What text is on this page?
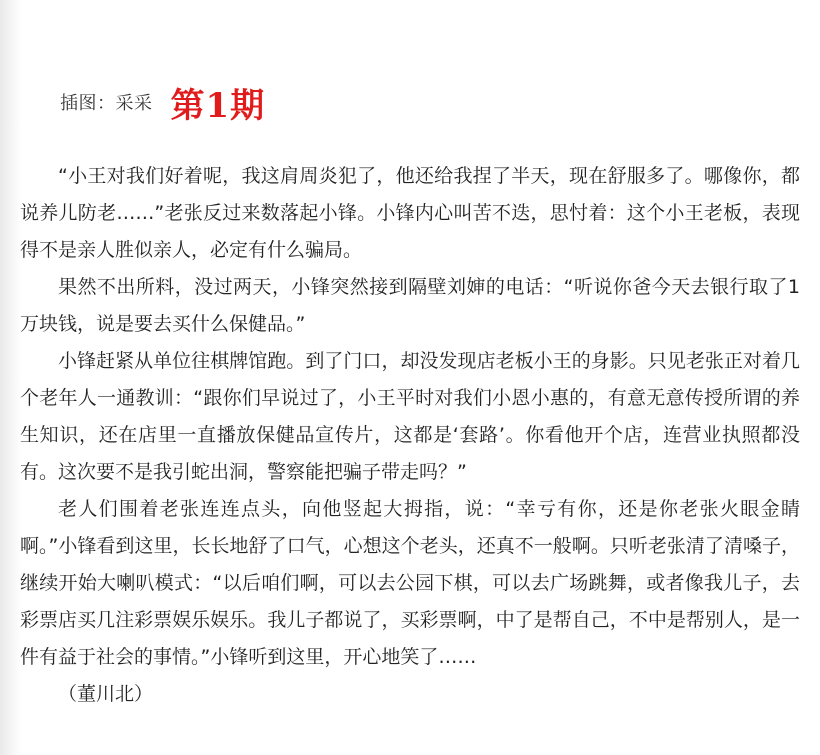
插图：采采 第1期

“小王对我们好着呢，我这肩周炎犯了，他还给我捏了半天，现在舒服多了。哪像你，都说养儿防老……”老张反过来数落起小锋。小锋内心叫苦不迭，思忖着：这个小王老板，表现得不是亲人胜似亲人，必定有什么骗局。

果然不出所料，没过两天，小锋突然接到隔壁刘婶的电话：“听说你爸今天去银行取了1万块钱，说是要去买什么保健品。”

小锋赶紧从单位往棋牌馆跑。到了门口，却没发现店老板小王的身影。只见老张正对着几个老年人一通教训：“跟你们早说过了，小王平时对我们小恩小惠的，有意无意传授所谓的养生知识，还在店里一直播放保健品宣传片，这都是‘套路’。你看他开个店，连营业执照都没有。这次要不是我引蛇出洞，警察能把骗子带走吗？”

老人们围着老张连连点头，向他竖起大拇指，说：“幸亏有你，还是你老张火眼金睛啊。”小锋看到这里，长长地舒了口气，心想这个老头，还真不一般啊。只听老张清了清嗓子，继续开始大喇叭模式：“以后咱们啊，可以去公园下棋，可以去广场跳舞，或者像我儿子，去彩票店买几注彩票娱乐娱乐。我儿子都说了，买彩票啊，中了是帮自己，不中是帮别人，是一件有益于社会的事情。”小锋听到这里，开心地笑了……

（董川北）
